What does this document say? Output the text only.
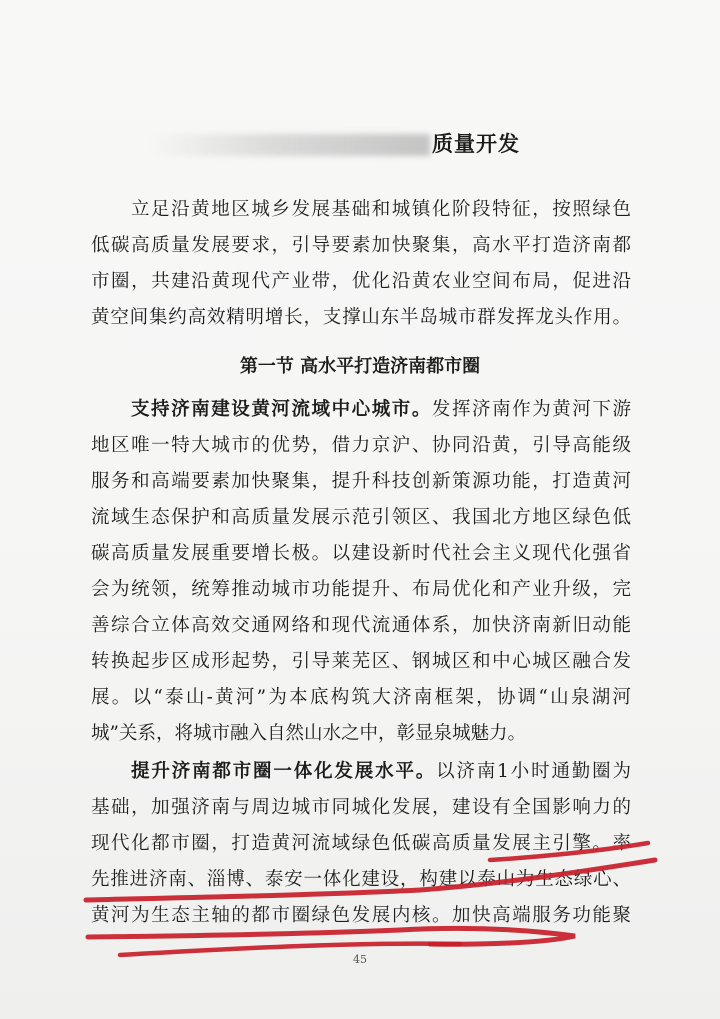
质量开发
立足沿黄地区城乡发展基础和城镇化阶段特征，按照绿色
低碳高质量发展要求，引导要素加快聚集，高水平打造济南都
市圈，共建沿黄现代产业带，优化沿黄农业空间布局，促进沿
黄空间集约高效精明增长，支撑山东半岛城市群发挥龙头作用。
第一节 高水平打造济南都市圈
支持济南建设黄河流域中心城市。发挥济南作为黄河下游
地区唯一特大城市的优势，借力京沪、协同沿黄，引导高能级
服务和高端要素加快聚集，提升科技创新策源功能，打造黄河
流域生态保护和高质量发展示范引领区、我国北方地区绿色低
碳高质量发展重要增长极。以建设新时代社会主义现代化强省
会为统领，统筹推动城市功能提升、布局优化和产业升级，完
善综合立体高效交通网络和现代流通体系，加快济南新旧动能
转换起步区成形起势，引导莱芜区、钢城区和中心城区融合发
展。以“泰山-黄河”为本底构筑大济南框架，协调“山泉湖河
城”关系，将城市融入自然山水之中，彰显泉城魅力。
提升济南都市圈一体化发展水平。以济南1小时通勤圈为
基础，加强济南与周边城市同城化发展，建设有全国影响力的
现代化都市圈，打造黄河流域绿色低碳高质量发展主引擎。率
先推进济南、淄博、泰安一体化建设，构建以泰山为生态绿心、
黄河为生态主轴的都市圈绿色发展内核。加快高端服务功能聚
45
